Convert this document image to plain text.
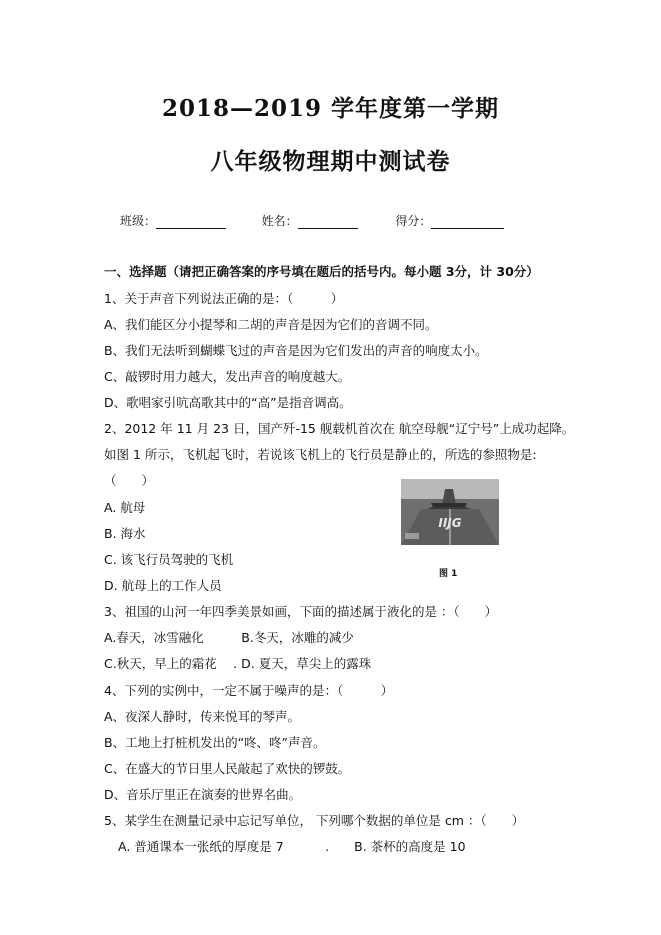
2018—2019 学年度第一学期
八年级物理期中测试卷
班级：	姓名：	得分：
一、选择题（请把正确答案的序号填在题后的括号内。每小题 3分，计 30分）
1、关于声音下列说法正确的是：（　　　）
A、我们能区分小提琴和二胡的声音是因为它们的音调不同。
B、我们无法听到蝴蝶飞过的声音是因为它们发出的声音的响度太小。
C、敲锣时用力越大，发出声音的响度越大。
D、歌唱家引吭高歌其中的“高”是指音调高。
2、2012 年 11 月 23 日，国产歼-15 舰载机首次在 航空母舰“辽宁号”上成功起降。
如图 1 所示，飞机起飞时，若说该飞机上的飞行员是静止的，所选的参照物是:
（　　）
A. 航母
B. 海水
C. 该飞行员驾驶的飞机
D. 航母上的工作人员
IIJG
图 1
3、祖国的山河一年四季美景如画，下面的描述属于液化的是 ：（　　）
A.春天，冰雪融化　　　B.冬天，冰雕的减少
C.秋天，早上的霜花　 . D. 夏天，草尖上的露珠
4、下列的实例中，一定不属于噪声的是：（　　　）
A、夜深人静时，传来悦耳的琴声。
B、工地上打桩机发出的“咚、咚”声音。
C、在盛大的节日里人民敲起了欢快的锣鼓。
D、音乐厅里正在演奏的世界名曲。
5、某学生在测量记录中忘记写单位， 下列哪个数据的单位是 cm ：（　　）
A. 普通课本一张纸的厚度是 7　　　 .　　B. 茶杯的高度是 10
